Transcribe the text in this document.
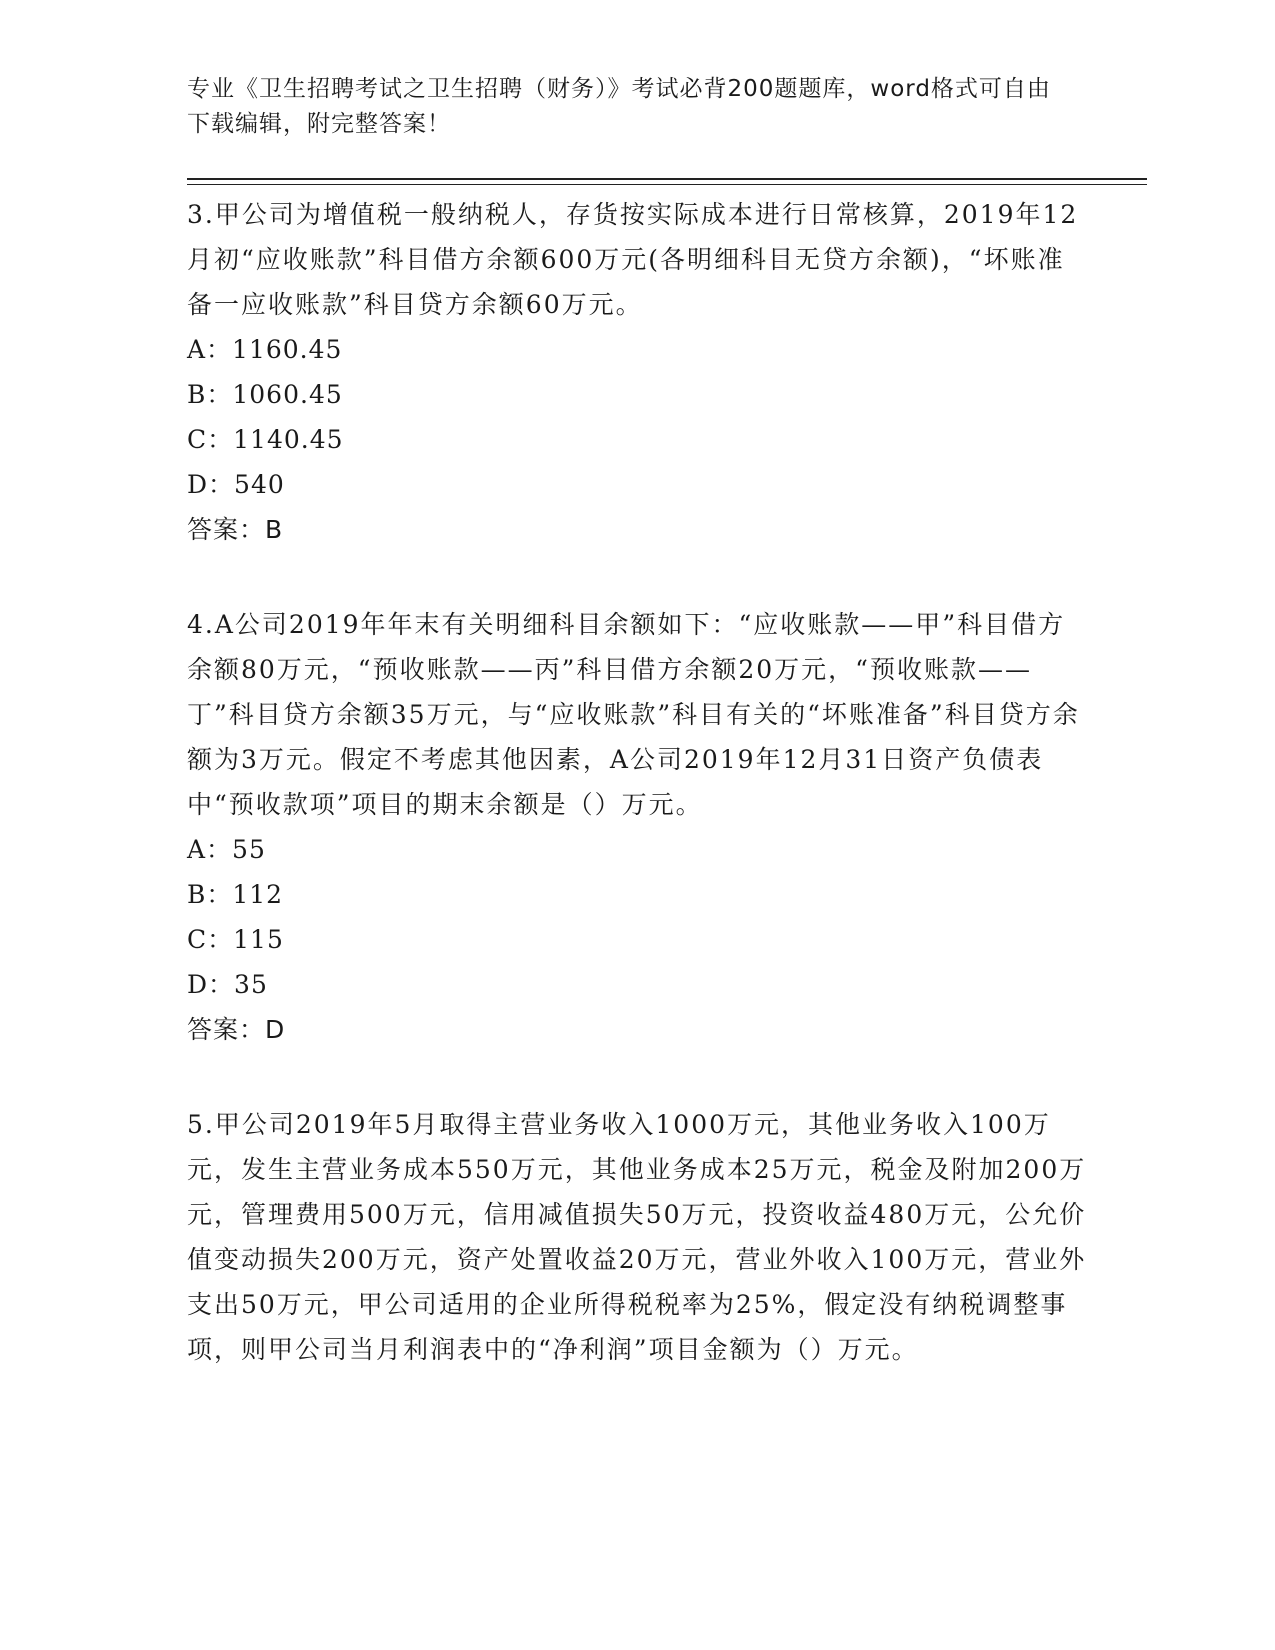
专业《卫生招聘考试之卫生招聘（财务）》考试必背200题题库，word格式可自由下载编辑，附完整答案！

3.甲公司为增值税一般纳税人，存货按实际成本进行日常核算，2019年12月初“应收账款”科目借方余额600万元(各明细科目无贷方余额)，“坏账准备一应收账款”科目贷方余额60万元。

A：1160.45

B：1060.45

C：1140.45

D：540

答案：B

4.A公司2019年年末有关明细科目余额如下：“应收账款——甲”科目借方余额80万元，“预收账款——丙”科目借方余额20万元，“预收账款——丁”科目贷方余额35万元，与“应收账款”科目有关的“坏账准备”科目贷方余额为3万元。假定不考虑其他因素，A公司2019年12月31日资产负债表中“预收款项”项目的期末余额是（）万元。

A：55

B：112

C：115

D：35

答案：D

5.甲公司2019年5月取得主营业务收入1000万元，其他业务收入100万元，发生主营业务成本550万元，其他业务成本25万元，税金及附加200万元，管理费用500万元，信用减值损失50万元，投资收益480万元，公允价值变动损失200万元，资产处置收益20万元，营业外收入100万元，营业外支出50万元，甲公司适用的企业所得税税率为25%，假定没有纳税调整事项，则甲公司当月利润表中的“净利润”项目金额为（）万元。
